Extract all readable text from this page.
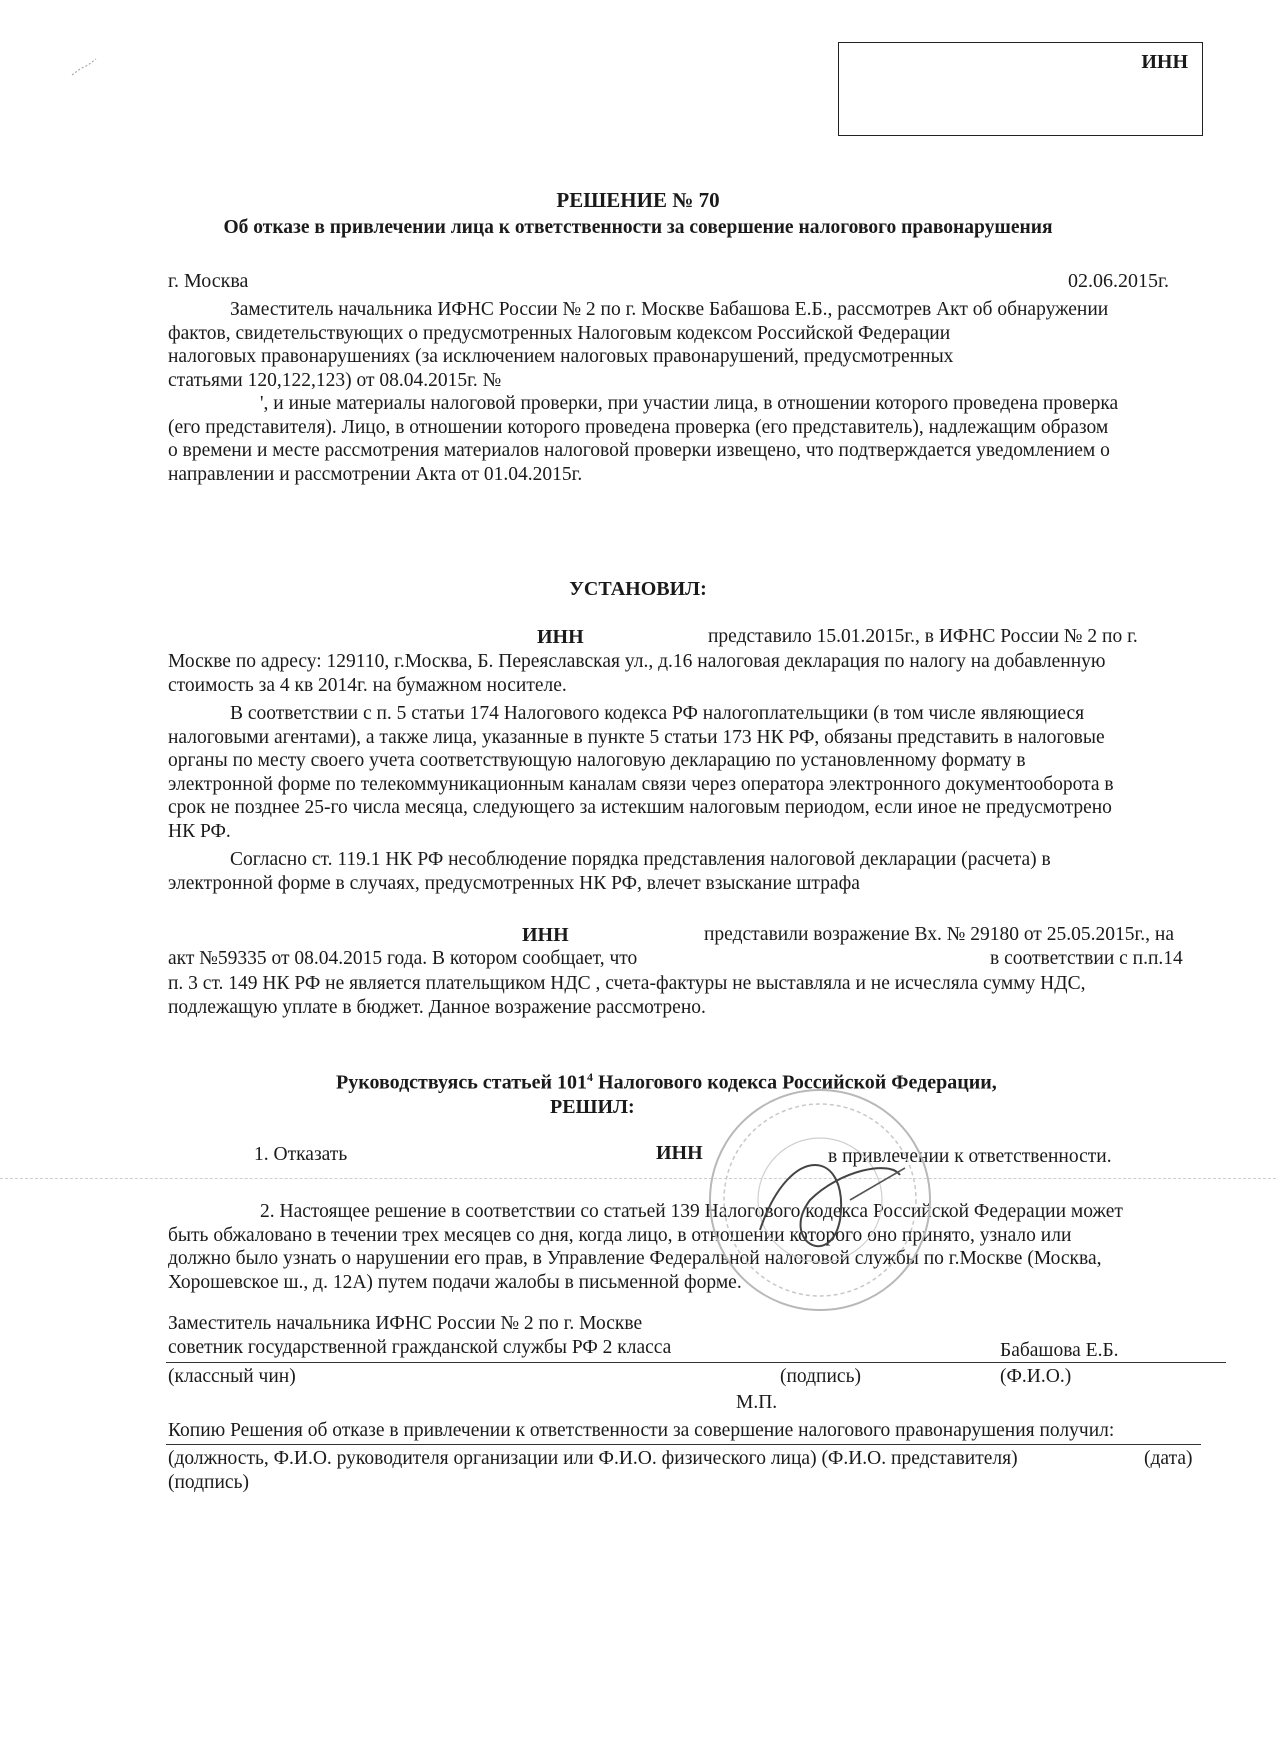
ИНН
РЕШЕНИЕ № 70
Об отказе в привлечении лица к ответственности за совершение налогового правонарушения
г. Москва	02.06.2015г.
Заместитель начальника ИФНС России № 2 по г. Москве Бабашова Е.Б., рассмотрев Акт об обнаружении
фактов, свидетельствующих о предусмотренных Налоговым кодексом Российской Федерации
налоговых правонарушениях (за исключением налоговых правонарушений, предусмотренных
статьями 120,122,123) от 08.04.2015г. №
', и иные материалы налоговой проверки, при участии лица, в отношении которого проведена проверка
(его представителя). Лицо, в отношении которого проведена проверка (его представитель), надлежащим образом
о времени и месте рассмотрения материалов налоговой проверки извещено, что подтверждается уведомлением о
направлении и рассмотрении Акта от 01.04.2015г.
УСТАНОВИЛ:
ИНН	представило 15.01.2015г., в ИФНС России № 2 по г.
Москве по адресу: 129110, г.Москва, Б. Переяславская ул., д.16 налоговая декларация по налогу на добавленную
стоимость за 4 кв 2014г. на бумажном носителе.
В соответствии с п. 5 статьи 174 Налогового кодекса РФ налогоплательщики (в том числе являющиеся
налоговыми агентами), а также лица, указанные в пункте 5 статьи 173 НК РФ, обязаны представить в налоговые
органы по месту своего учета соответствующую налоговую декларацию по установленному формату в
электронной форме по телекоммуникационным каналам связи через оператора электронного документооборота в
срок не позднее 25-го числа месяца, следующего за истекшим налоговым периодом, если иное не предусмотрено
НК РФ.
Согласно ст. 119.1 НК РФ несоблюдение порядка представления налоговой декларации (расчета) в
электронной форме в случаях, предусмотренных НК РФ, влечет взыскание штрафа
ИНН	представили возражение Вх. № 29180 от 25.05.2015г., на
акт №59335 от 08.04.2015 года. В котором сообщает, что	в соответствии с п.п.14
п. 3 ст. 149 НК РФ не является плательщиком НДС , счета-фактуры не выставляла и не исчесляла сумму НДС,
подлежащую уплате в бюджет. Данное возражение рассмотрено.
Руководствуясь статьей $101^4$ Налогового кодекса Российской Федерации,
РЕШИЛ:
1. Отказать	ИНН	в привлечении к ответственности.
2. Настоящее решение в соответствии со статьей 139 Налогового кодекса Российской Федерации может
быть обжаловано в течении трех месяцев со дня, когда лицо, в отношении которого оно принято, узнало или
должно было узнать о нарушении его прав, в Управление Федеральной налоговой службы по г.Москве (Москва,
Хорошевское ш., д. 12А) путем подачи жалобы в письменной форме.
Заместитель начальника ИФНС России № 2 по г. Москве
советник государственной гражданской службы РФ 2 класса	Бабашова Е.Б.
(классный чин)	(подпись)	(Ф.И.О.)
М.П.
Копию Решения об отказе в привлечении к ответственности за совершение налогового правонарушения получил:
(должность, Ф.И.О. руководителя организации или Ф.И.О. физического лица) (Ф.И.О. представителя)	(дата)
(подпись)
